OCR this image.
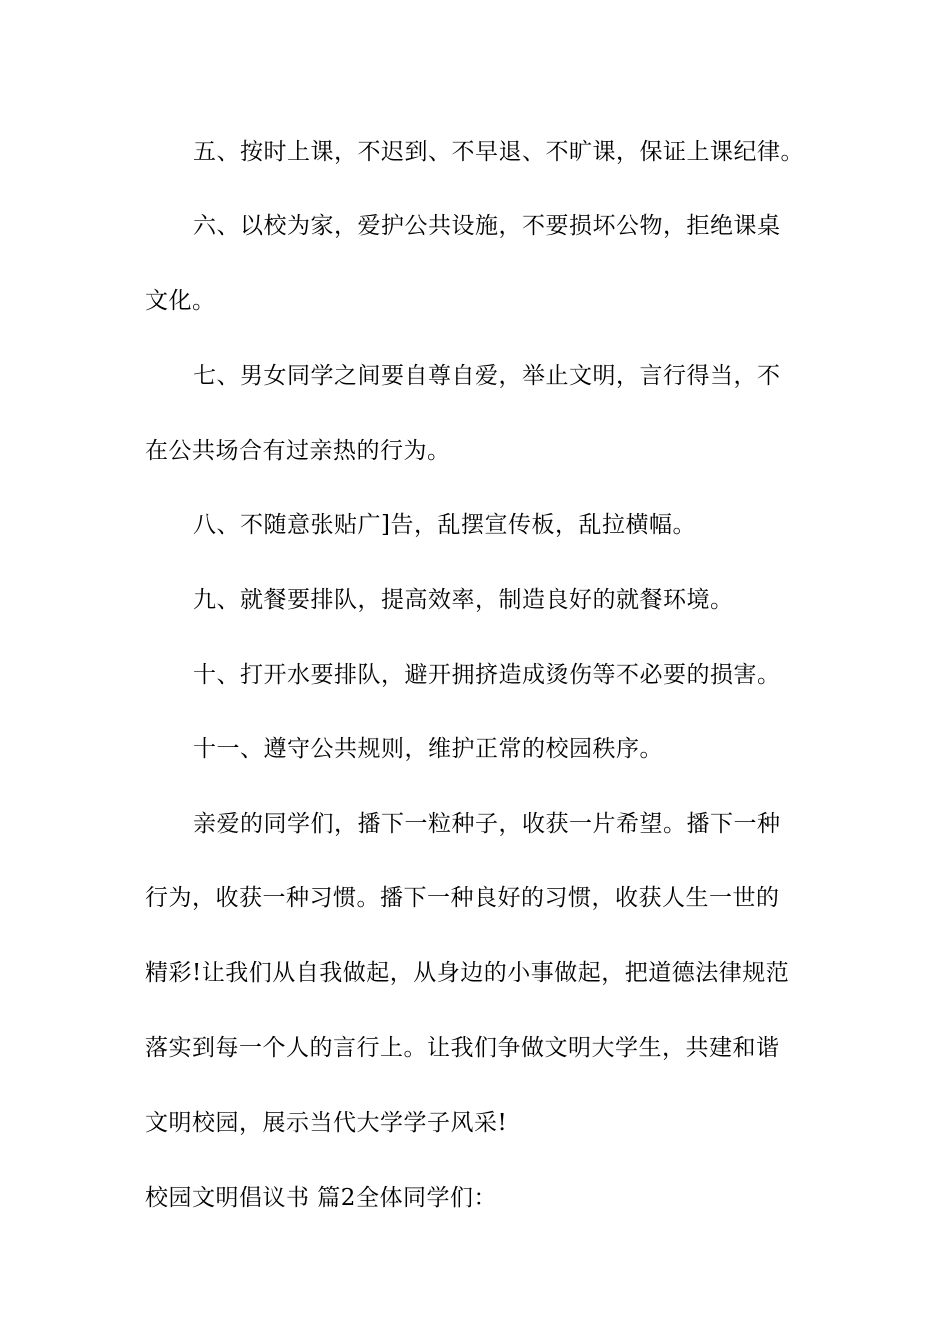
五、按时上课，不迟到、不早退、不旷课，保证上课纪律。
六、以校为家，爱护公共设施，不要损坏公物，拒绝课桌
文化。
七、男女同学之间要自尊自爱，举止文明，言行得当，不
在公共场合有过亲热的行为。
八、不随意张贴广]告，乱摆宣传板，乱拉横幅。
九、就餐要排队，提高效率，制造良好的就餐环境。
十、打开水要排队，避开拥挤造成烫伤等不必要的损害。
十一、遵守公共规则，维护正常的校园秩序。
亲爱的同学们，播下一粒种子，收获一片希望。播下一种
行为，收获一种习惯。播下一种良好的习惯，收获人生一世的
精彩!让我们从自我做起，从身边的小事做起，把道德法律规范
落实到每一个人的言行上。让我们争做文明大学生，共建和谐
文明校园，展示当代大学学子风采!
校园文明倡议书 篇2全体同学们：
